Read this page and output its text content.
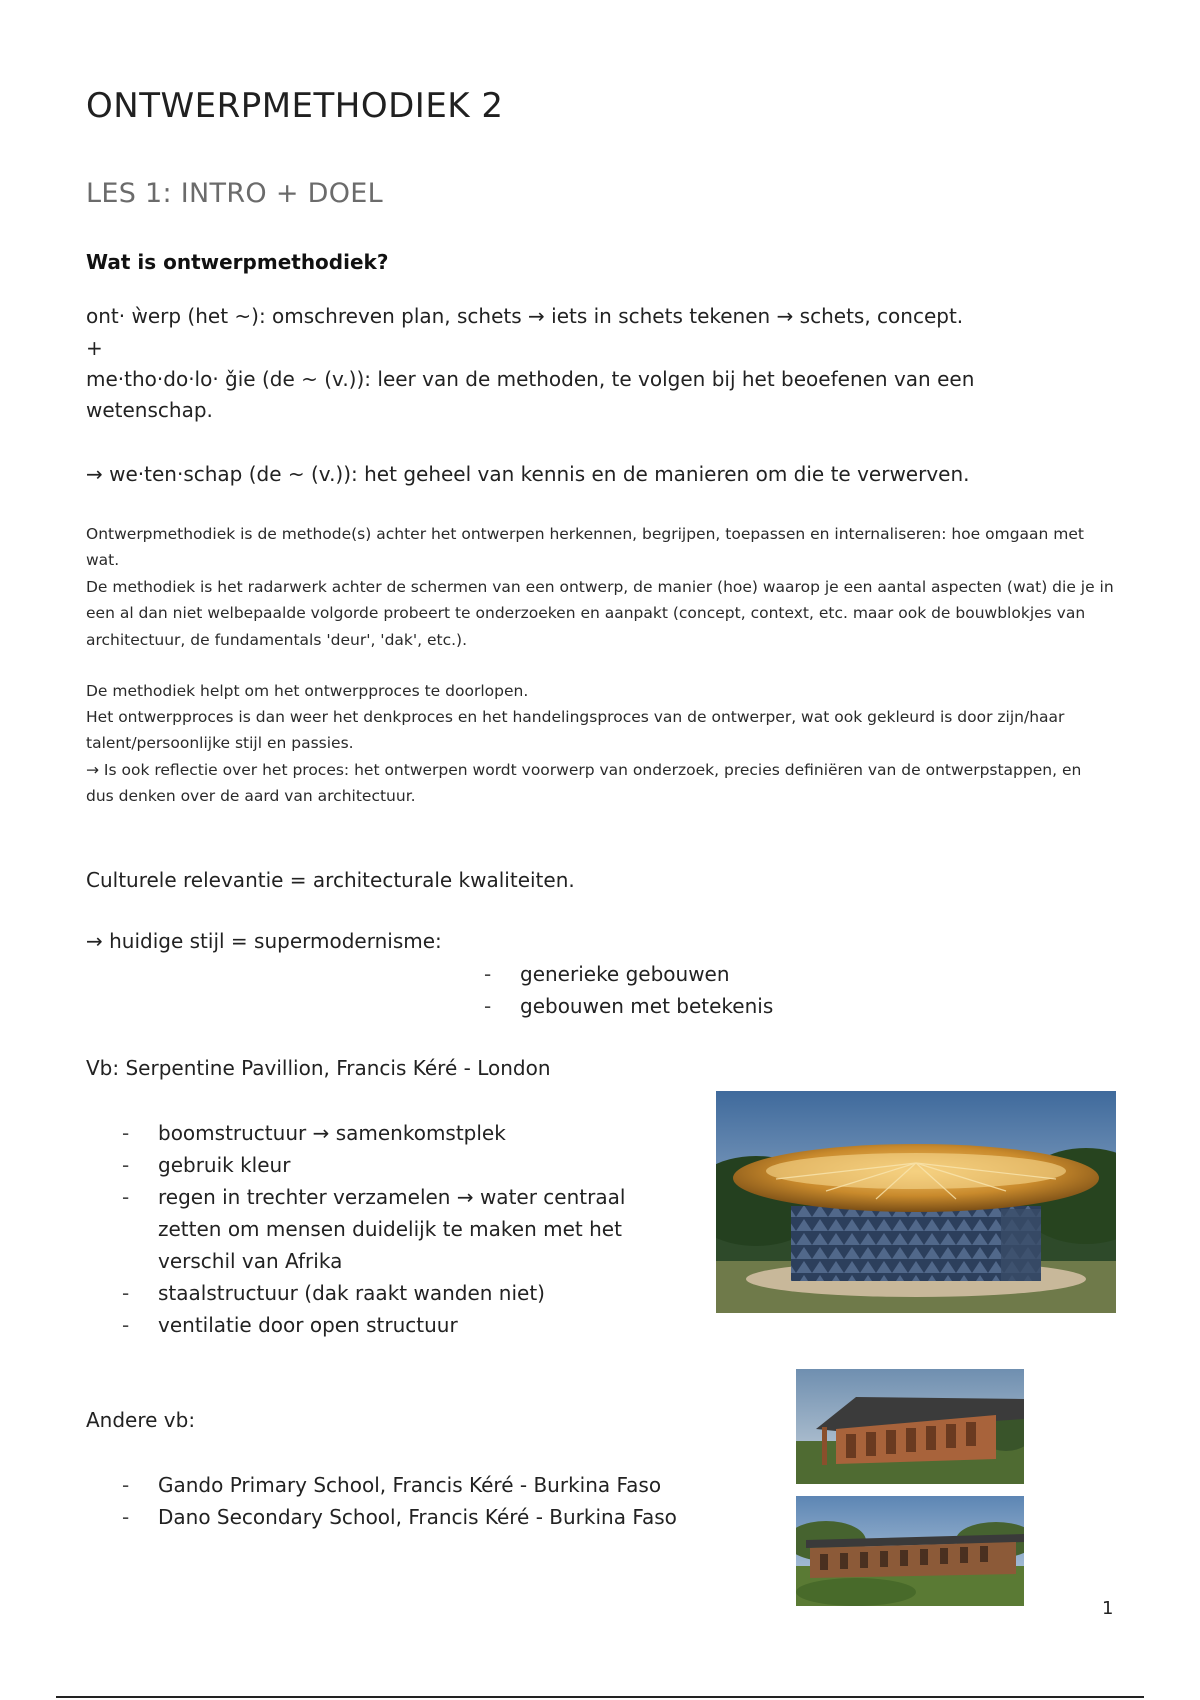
ONTWERPMETHODIEK 2
LES 1: INTRO + DOEL
Wat is ontwerpmethodiek?

ont· ẁerp (het ~): omschreven plan, schets → iets in schets tekenen → schets, concept.

+

me·tho·do·lo· ǧie (de ~ (v.)): leer van de methoden, te volgen bij het beoefenen van een wetenschap.

→ we·ten·schap (de ~ (v.)): het geheel van kennis en de manieren om die te verwerven.

Ontwerpmethodiek is de methode(s) achter het ontwerpen herkennen, begrijpen, toepassen en internaliseren: hoe omgaan met wat.

De methodiek is het radarwerk achter de schermen van een ontwerp, de manier (hoe) waarop je een aantal aspecten (wat) die je in een al dan niet welbepaalde volgorde probeert te onderzoeken en aanpakt (concept, context, etc. maar ook de bouwblokjes van architectuur, de fundamentals 'deur', 'dak', etc.).

De methodiek helpt om het ontwerpproces te doorlopen.

Het ontwerpproces is dan weer het denkproces en het handelingsproces van de ontwerper, wat ook gekleurd is door zijn/haar talent/persoonlijke stijl en passies.

→ Is ook reflectie over het proces: het ontwerpen wordt voorwerp van onderzoek, precies definiëren van de ontwerpstappen, en dus denken over de aard van architectuur.

Culturele relevantie = architecturale kwaliteiten.

→ huidige stijl = supermodernisme:

- generieke gebouwen
- gebouwen met betekenis

Vb: Serpentine Pavillion, Francis Kéré - London

- boomstructuur → samenkomstplek
- gebruik kleur
- regen in trechter verzamelen → water centraal zetten om mensen duidelijk te maken met het verschil van Afrika
- staalstructuur (dak raakt wanden niet)
- ventilatie door open structuur

Andere vb:

- Gando Primary School, Francis Kéré - Burkina Faso
- Dano Secondary School, Francis Kéré - Burkina Faso
1
